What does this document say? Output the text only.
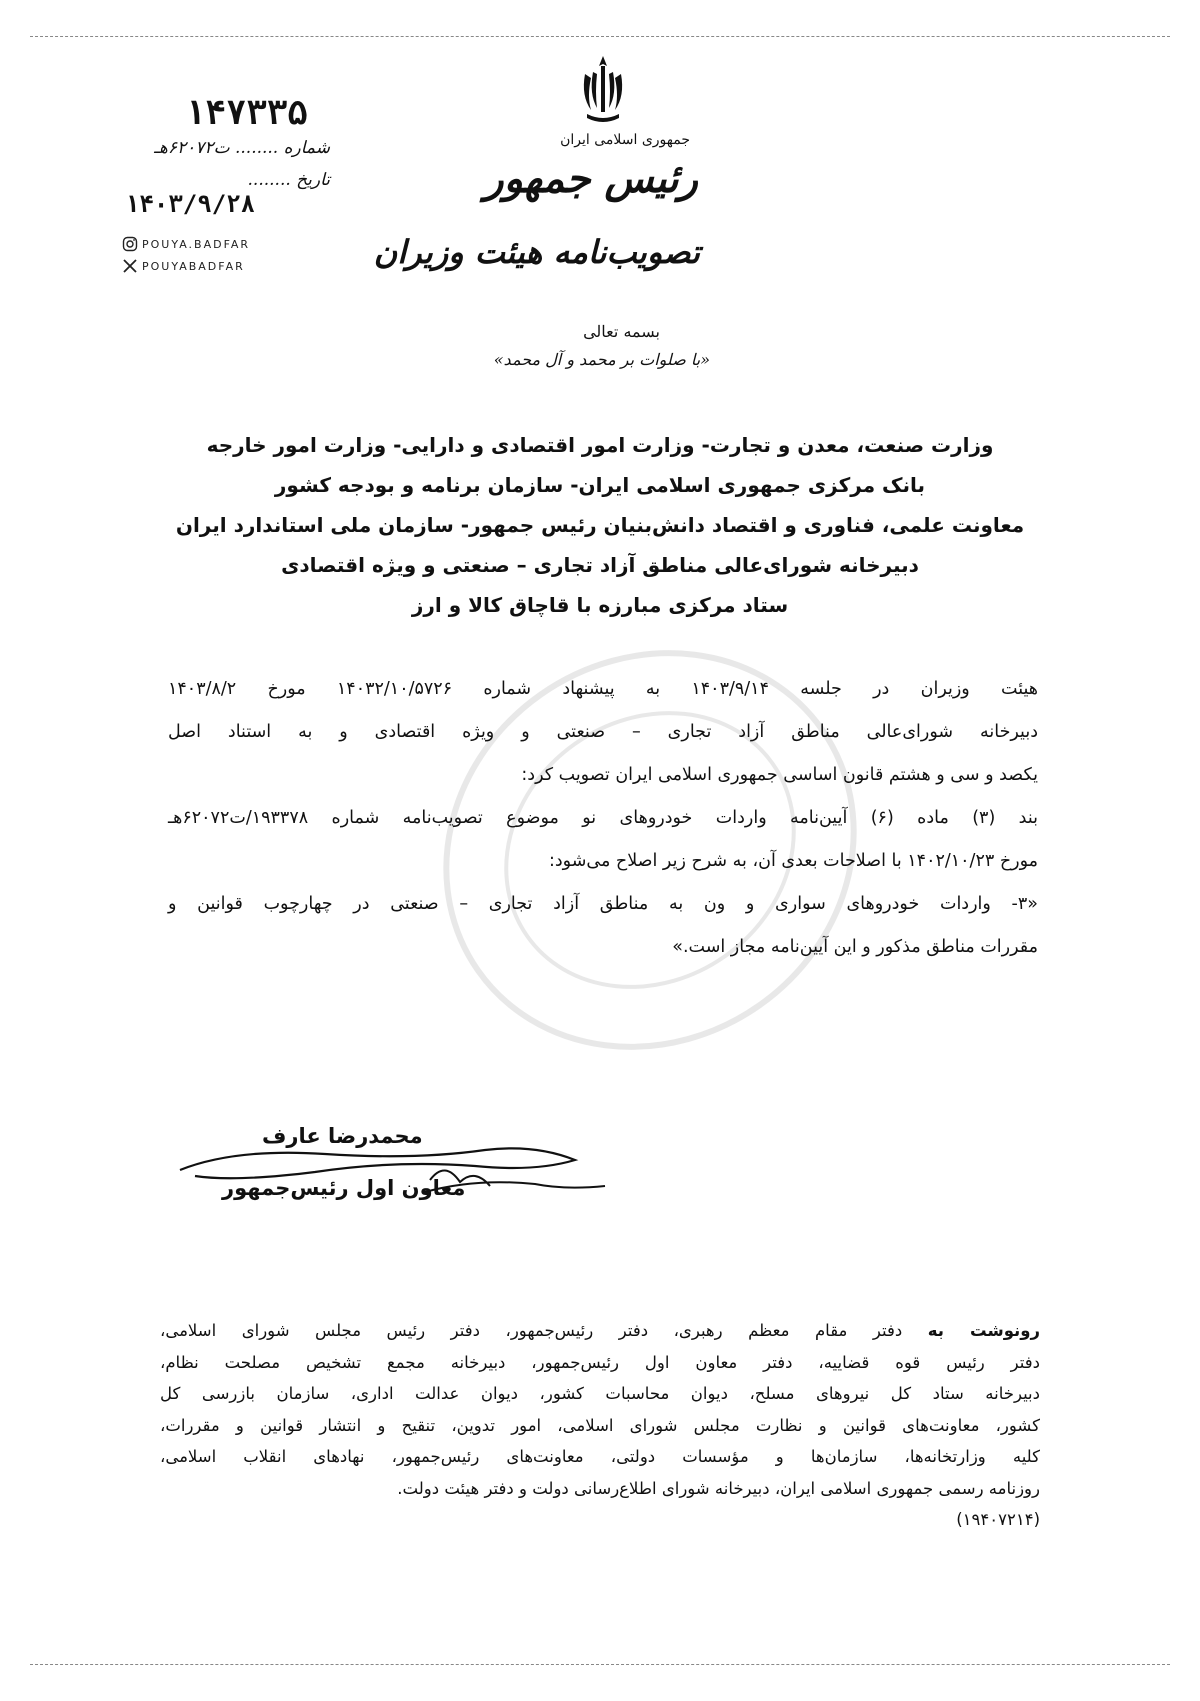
جمهوری اسلامی ایران
رئیس جمهور
تصویب‌نامه هیئت وزیران
۱۴۷۳۳۵
شماره ........ ت۶۲۰۷۲هـ
تاریخ ........
۱۴۰۳/۹/۲۸
POUYA.BADFAR
POUYABADFAR
بسمه تعالی
«با صلوات بر محمد و آل محمد»
وزارت صنعت، معدن و تجارت- وزارت امور اقتصادی و دارایی- وزارت امور خارجه
بانک مرکزی جمهوری اسلامی ایران- سازمان برنامه و بودجه کشور
معاونت علمی، فناوری و اقتصاد دانش‌بنیان رئیس جمهور- سازمان ملی استاندارد ایران
دبیرخانه شورای‌عالی مناطق آزاد تجاری – صنعتی و ویژه اقتصادی
ستاد مرکزی مبارزه با قاچاق کالا و ارز

هیئت وزیران در جلسه ۱۴۰۳/۹/۱۴ به پیشنهاد شماره ۱۴۰۳۲/۱۰/۵۷۲۶ مورخ ۱۴۰۳/۸/۲

دبیرخانه شورای‌عالی مناطق آزاد تجاری – صنعتی و ویژه اقتصادی و به استناد اصل

یکصد و سی و هشتم قانون اساسی جمهوری اسلامی ایران تصویب کرد:

بند (۳) ماده (۶) آیین‌نامه واردات خودروهای نو موضوع تصویب‌نامه شماره ۱۹۳۳۷۸/ت۶۲۰۷۲هـ

مورخ ۱۴۰۲/۱۰/۲۳ با اصلاحات بعدی آن، به شرح زیر اصلاح می‌شود:

«۳- واردات خودروهای سواری و ون به مناطق آزاد تجاری – صنعتی در چهارچوب قوانین و

مقررات مناطق مذکور و این آیین‌نامه مجاز است.»

محمدرضا عارف
معاون اول رئیس‌جمهور

رونوشت به دفتر مقام معظم رهبری، دفتر رئیس‌جمهور، دفتر رئیس مجلس شورای اسلامی،

دفتر رئیس قوه قضاییه، دفتر معاون اول رئیس‌جمهور، دبیرخانه مجمع تشخیص مصلحت نظام،

دبیرخانه ستاد کل نیروهای مسلح، دیوان محاسبات کشور، دیوان عدالت اداری، سازمان بازرسی کل

کشور، معاونت‌های قوانین و نظارت مجلس شورای اسلامی، امور تدوین، تنقیح و انتشار قوانین و مقررات،

کلیه وزارتخانه‌ها، سازمان‌ها و مؤسسات دولتی، معاونت‌های رئیس‌جمهور، نهادهای انقلاب اسلامی،

روزنامه رسمی جمهوری اسلامی ایران، دبیرخانه شورای اطلاع‌رسانی دولت و دفتر هیئت دولت.

(۱۹۴۰۷۲۱۴)
